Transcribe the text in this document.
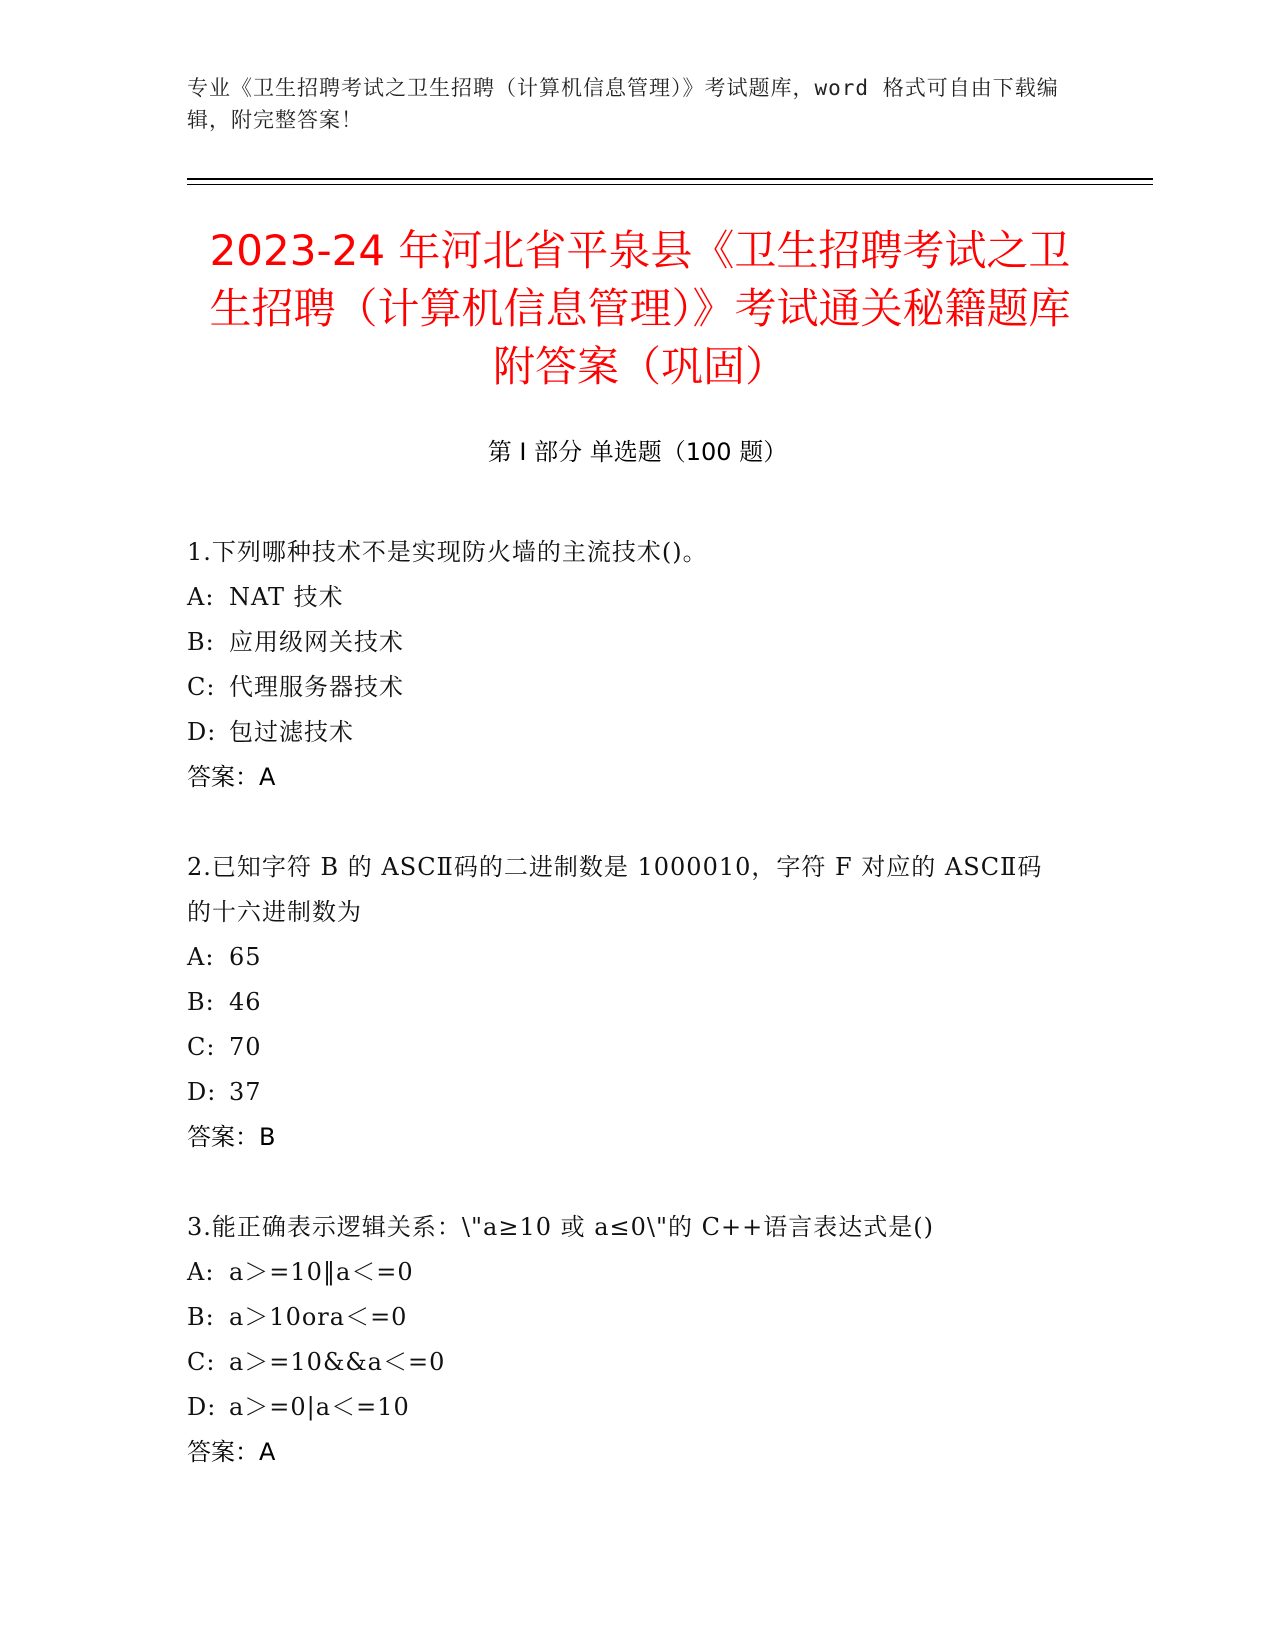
专业《卫生招聘考试之卫生招聘（计算机信息管理）》考试题库，word 格式可自由下载编辑，附完整答案！
2023-24 年河北省平泉县《卫生招聘考试之卫生招聘（计算机信息管理）》考试通关秘籍题库附答案（巩固）
第 I 部分 单选题（100 题）
1.下列哪种技术不是实现防火墙的主流技术()。
A: NAT 技术
B: 应用级网关技术
C: 代理服务器技术
D: 包过滤技术
答案：A
2.已知字符 B 的 ASCⅡ码的二进制数是 1000010，字符 F 对应的 ASCⅡ码的十六进制数为
A: 65
B: 46
C: 70
D: 37
答案：B
3.能正确表示逻辑关系：\"a≥10 或 a≤0\"的 C++语言表达式是()
A: a＞=10‖a＜=0
B: a＞10ora＜=0
C: a＞=10&&a＜=0
D: a＞=0|a＜=10
答案：A
